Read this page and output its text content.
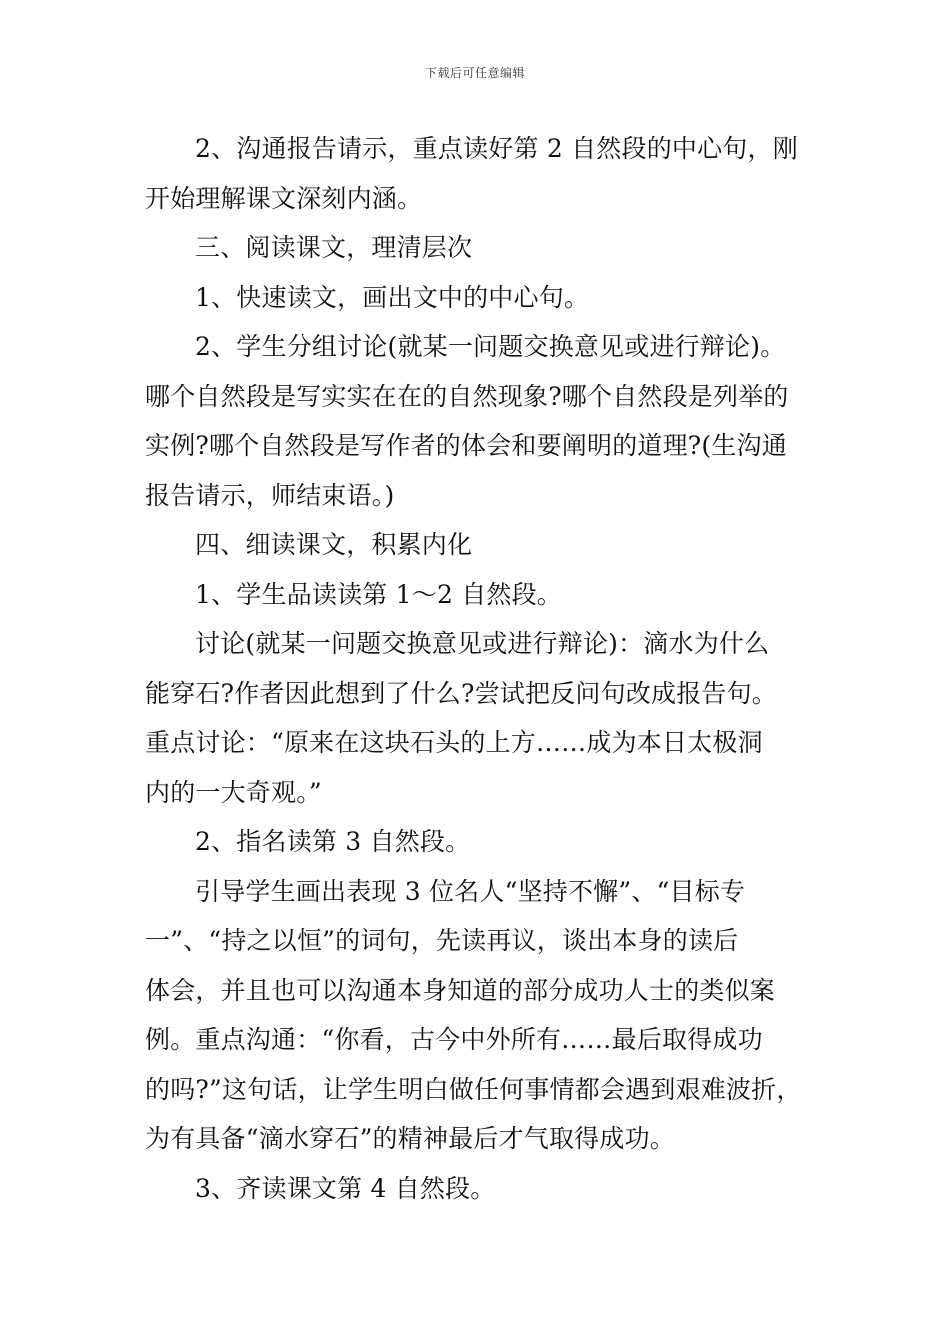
下载后可任意编辑
2、沟通报告请示，重点读好第 2 自然段的中心句，刚
开始理解课文深刻内涵。
三、阅读课文，理清层次
1、快速读文，画出文中的中心句。
2、学生分组讨论(就某一问题交换意见或进行辩论)。
哪个自然段是写实实在在的自然现象?哪个自然段是列举的
实例?哪个自然段是写作者的体会和要阐明的道理?(生沟通
报告请示，师结束语。)
四、细读课文，积累内化
1、学生品读读第 1～2 自然段。
讨论(就某一问题交换意见或进行辩论)：滴水为什么
能穿石?作者因此想到了什么?尝试把反问句改成报告句。
重点讨论：“原来在这块石头的上方……成为本日太极洞
内的一大奇观。”
2、指名读第 3 自然段。
引导学生画出表现 3 位名人“坚持不懈”、“目标专
一”、“持之以恒”的词句，先读再议，谈出本身的读后
体会，并且也可以沟通本身知道的部分成功人士的类似案
例。重点沟通：“你看，古今中外所有……最后取得成功
的吗?”这句话，让学生明白做任何事情都会遇到艰难波折，
为有具备“滴水穿石”的精神最后才气取得成功。
3、齐读课文第 4 自然段。
